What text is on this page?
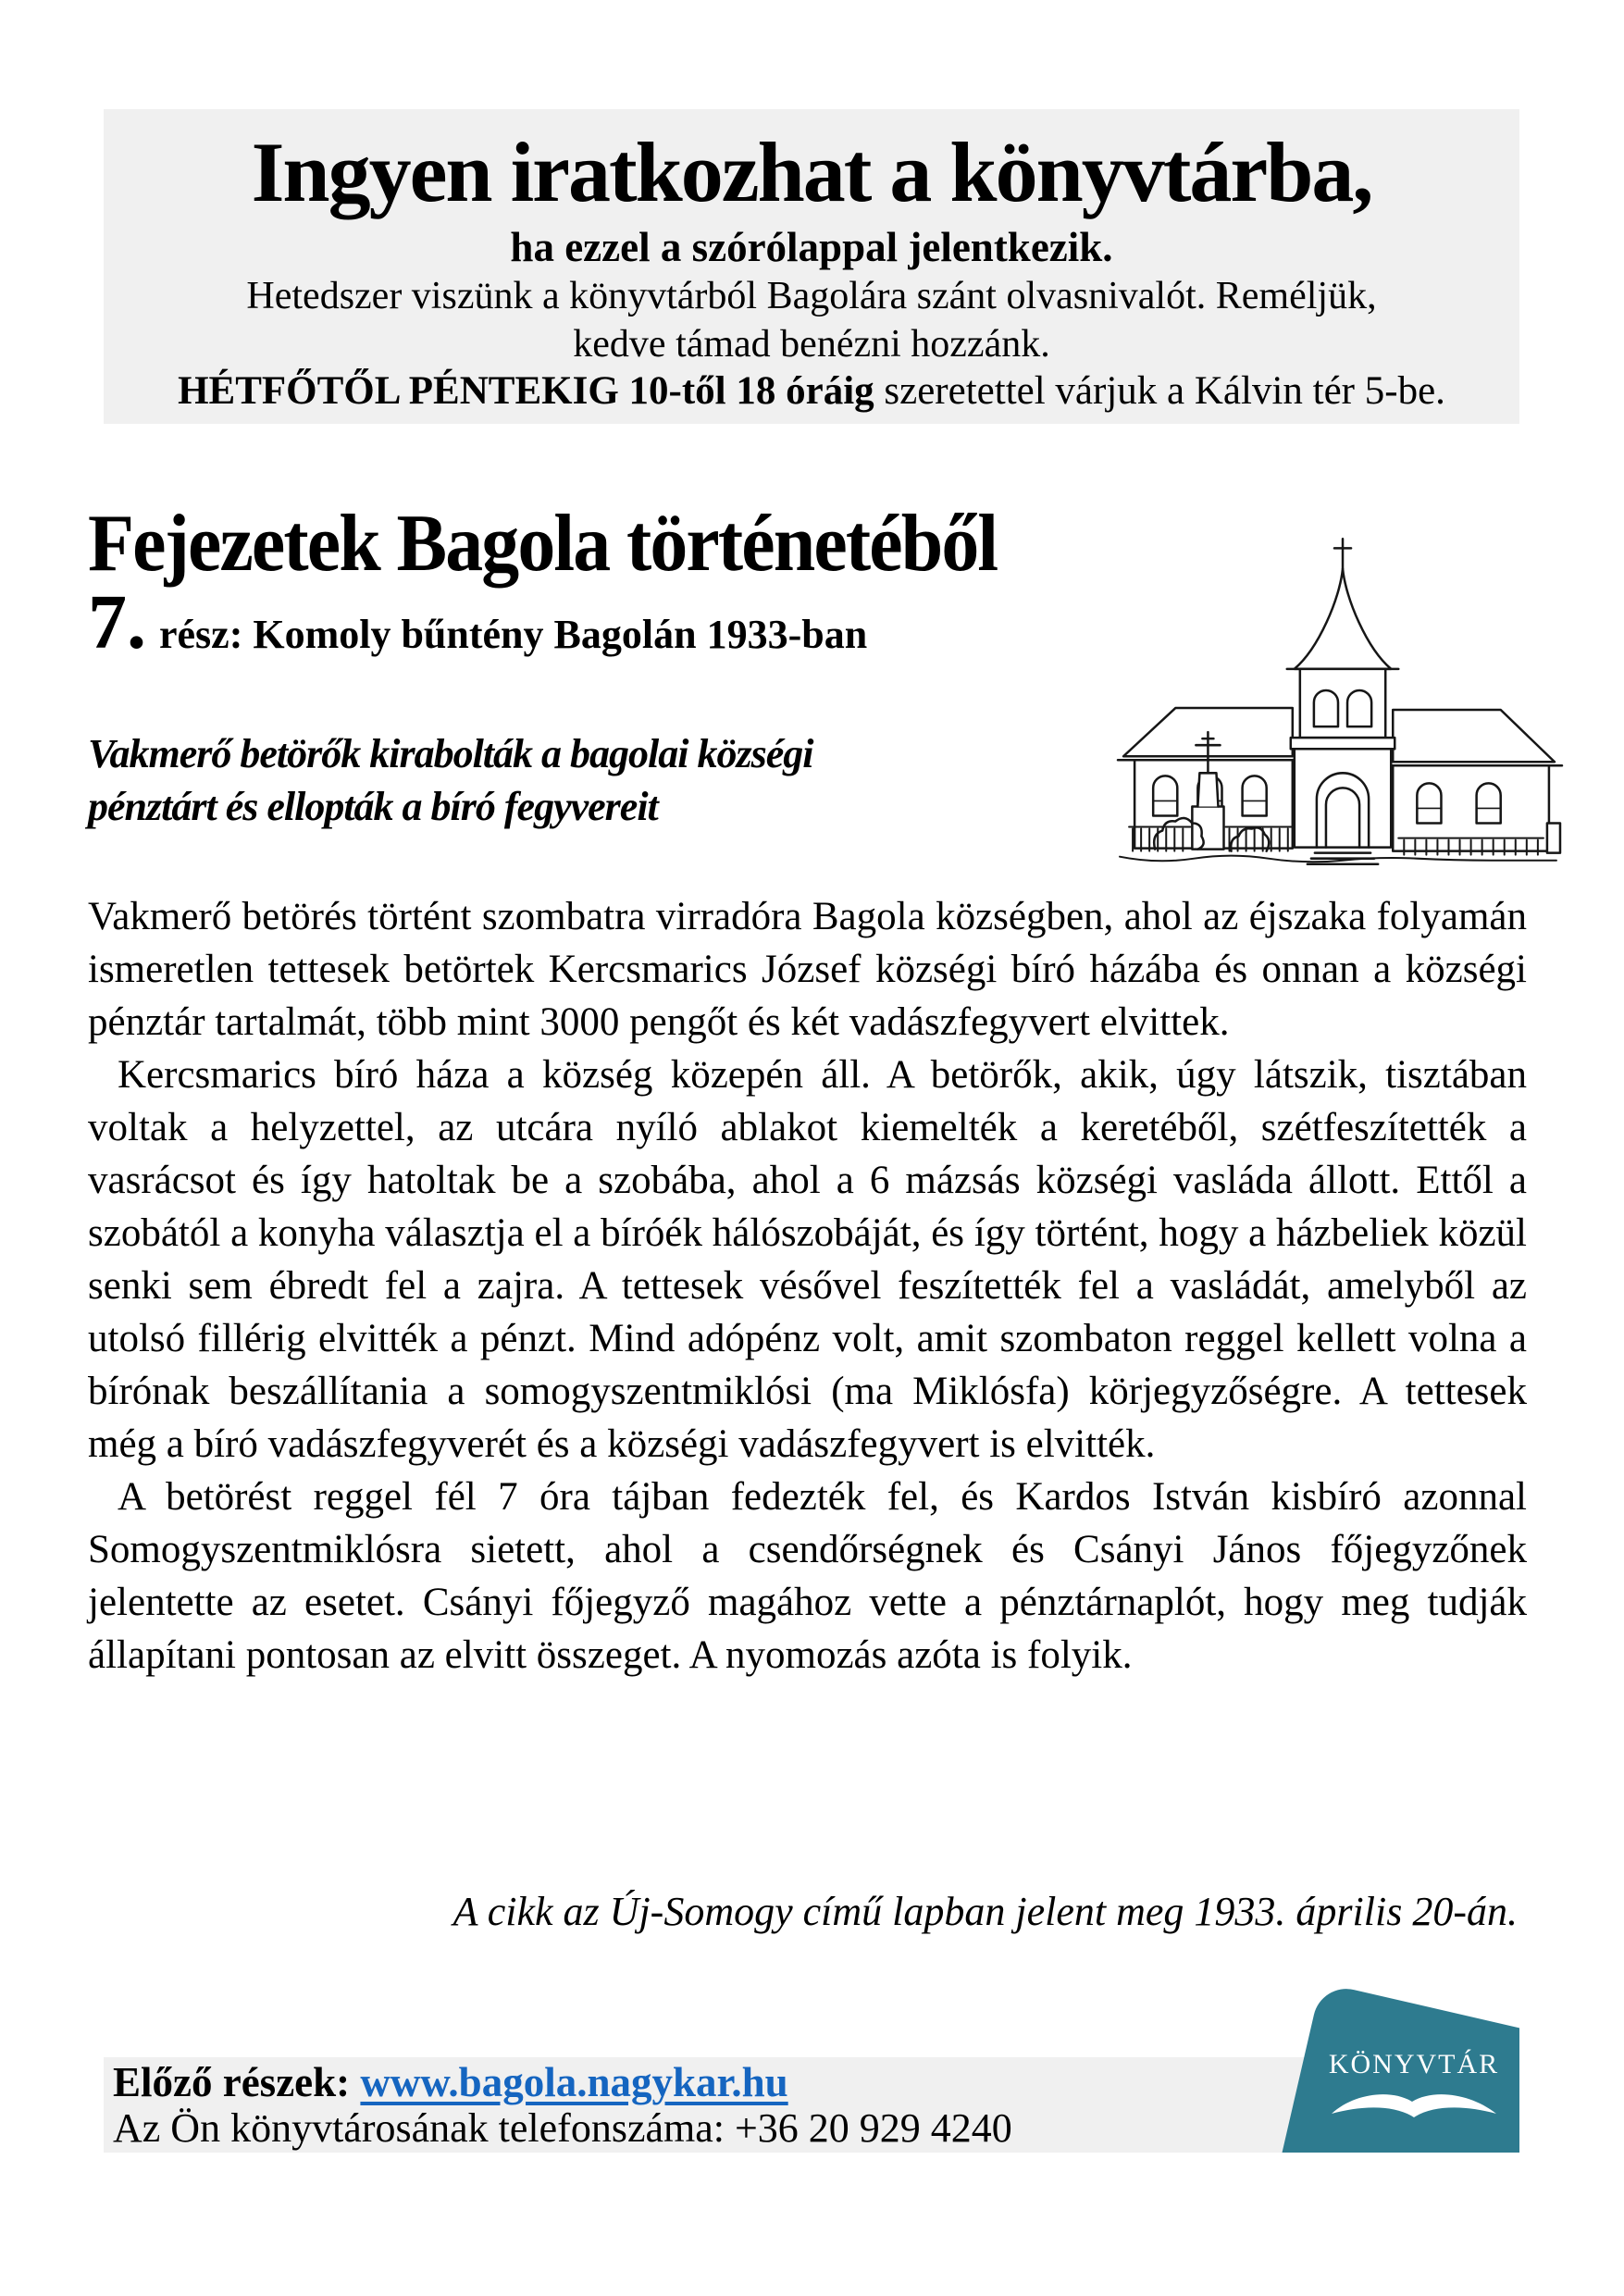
Ingyen iratkozhat a könyvtárba,
ha ezzel a szórólappal jelentkezik.
Hetedszer viszünk a könyvtárból Bagolára szánt olvasnivalót. Reméljük,
kedve támad benézni hozzánk.
HÉTFŐTŐL PÉNTEKIG 10-től 18 óráig szeretettel várjuk a Kálvin tér 5-be.
Fejezetek Bagola történetéből
7. rész: Komoly bűntény Bagolán 1933-ban
Vakmerő betörők kirabolták a bagolai községi
pénztárt és ellopták a bíró fegyvereit

Vakmerő betörés történt szombatra virradóra Bagola községben, ahol az éjszaka folyamán ismeretlen tettesek betörtek Kercsmarics József községi bíró házába és onnan a községi pénztár tartalmát, több mint 3000 pengőt és két vadászfegyvert elvittek.

Kercsmarics bíró háza a község közepén áll. A betörők, akik, úgy látszik, tisztában voltak a helyzettel, az utcára nyíló ablakot kiemelték a keretéből, szétfeszítették a vasrácsot és így hatoltak be a szobába, ahol a 6 mázsás községi vasláda állott. Ettől a szobától a konyha választja el a bíróék hálószobáját, és így történt, hogy a házbeliek közül senki sem ébredt fel a zajra. A tettesek vésővel feszítették fel a vasládát, amelyből az utolsó fillérig elvitték a pénzt. Mind adópénz volt, amit szombaton reggel kellett volna a bírónak beszállítania a somogyszentmiklósi (ma Miklósfa) körjegyzőségre. A tettesek még a bíró vadászfegyverét és a községi vadászfegyvert is elvitték.

A betörést reggel fél 7 óra tájban fedezték fel, és Kardos István kisbíró azonnal Somogyszentmiklósra sietett, ahol a csendőrségnek és Csányi János főjegyzőnek jelentette az esetet. Csányi főjegyző magához vette a pénztárnaplót, hogy meg tudják állapítani pontosan az elvitt összeget. A nyomozás azóta is folyik.

A cikk az Új-Somogy című lapban jelent meg 1933. április 20-án.
Előző részek: www.bagola.nagykar.hu
Az Ön könyvtárosának telefonszáma: +36 20 929 4240
KÖNYVTÁR
